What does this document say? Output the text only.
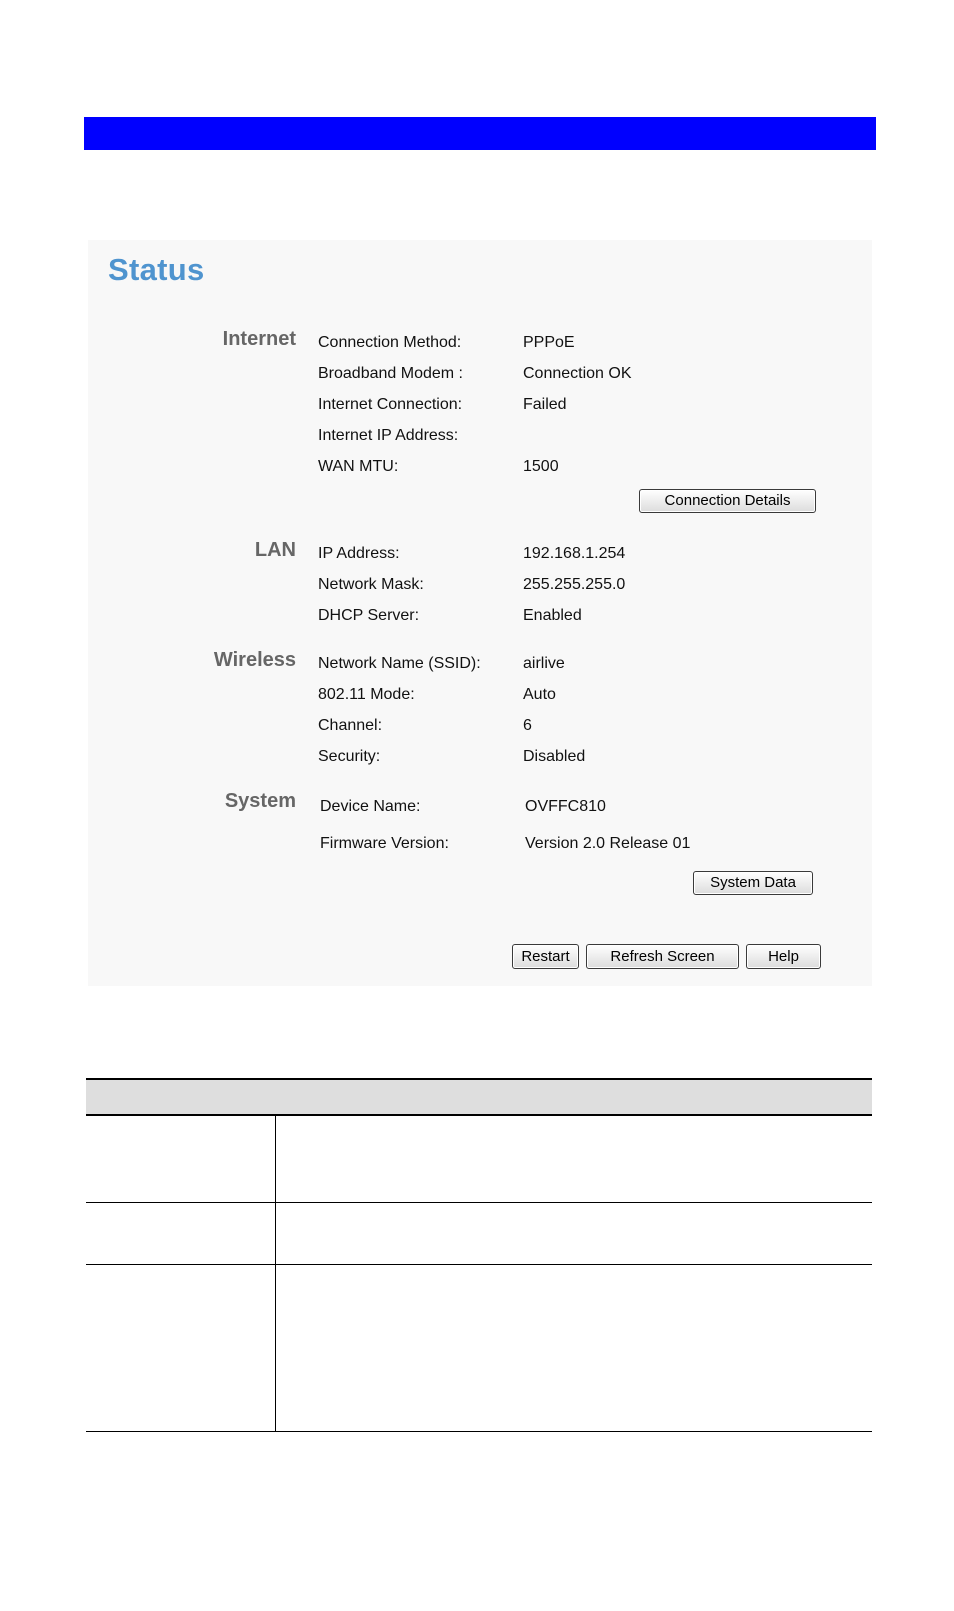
Status
Internet Connection Method:	PPPoE
Broadband Modem :	Connection OK
Internet Connection:	Failed
Internet IP Address:
WAN MTU:	1500
Connection Details
LAN IP Address:	192.168.1.254
Network Mask:	255.255.255.0
DHCP Server:	Enabled
Wireless Network Name (SSID):	airlive
802.11 Mode:	Auto
Channel:	6
Security:	Disabled
System Device Name:	OVFFC810
Firmware Version:	Version 2.0 Release 01
System Data
Restart	Refresh Screen	Help
